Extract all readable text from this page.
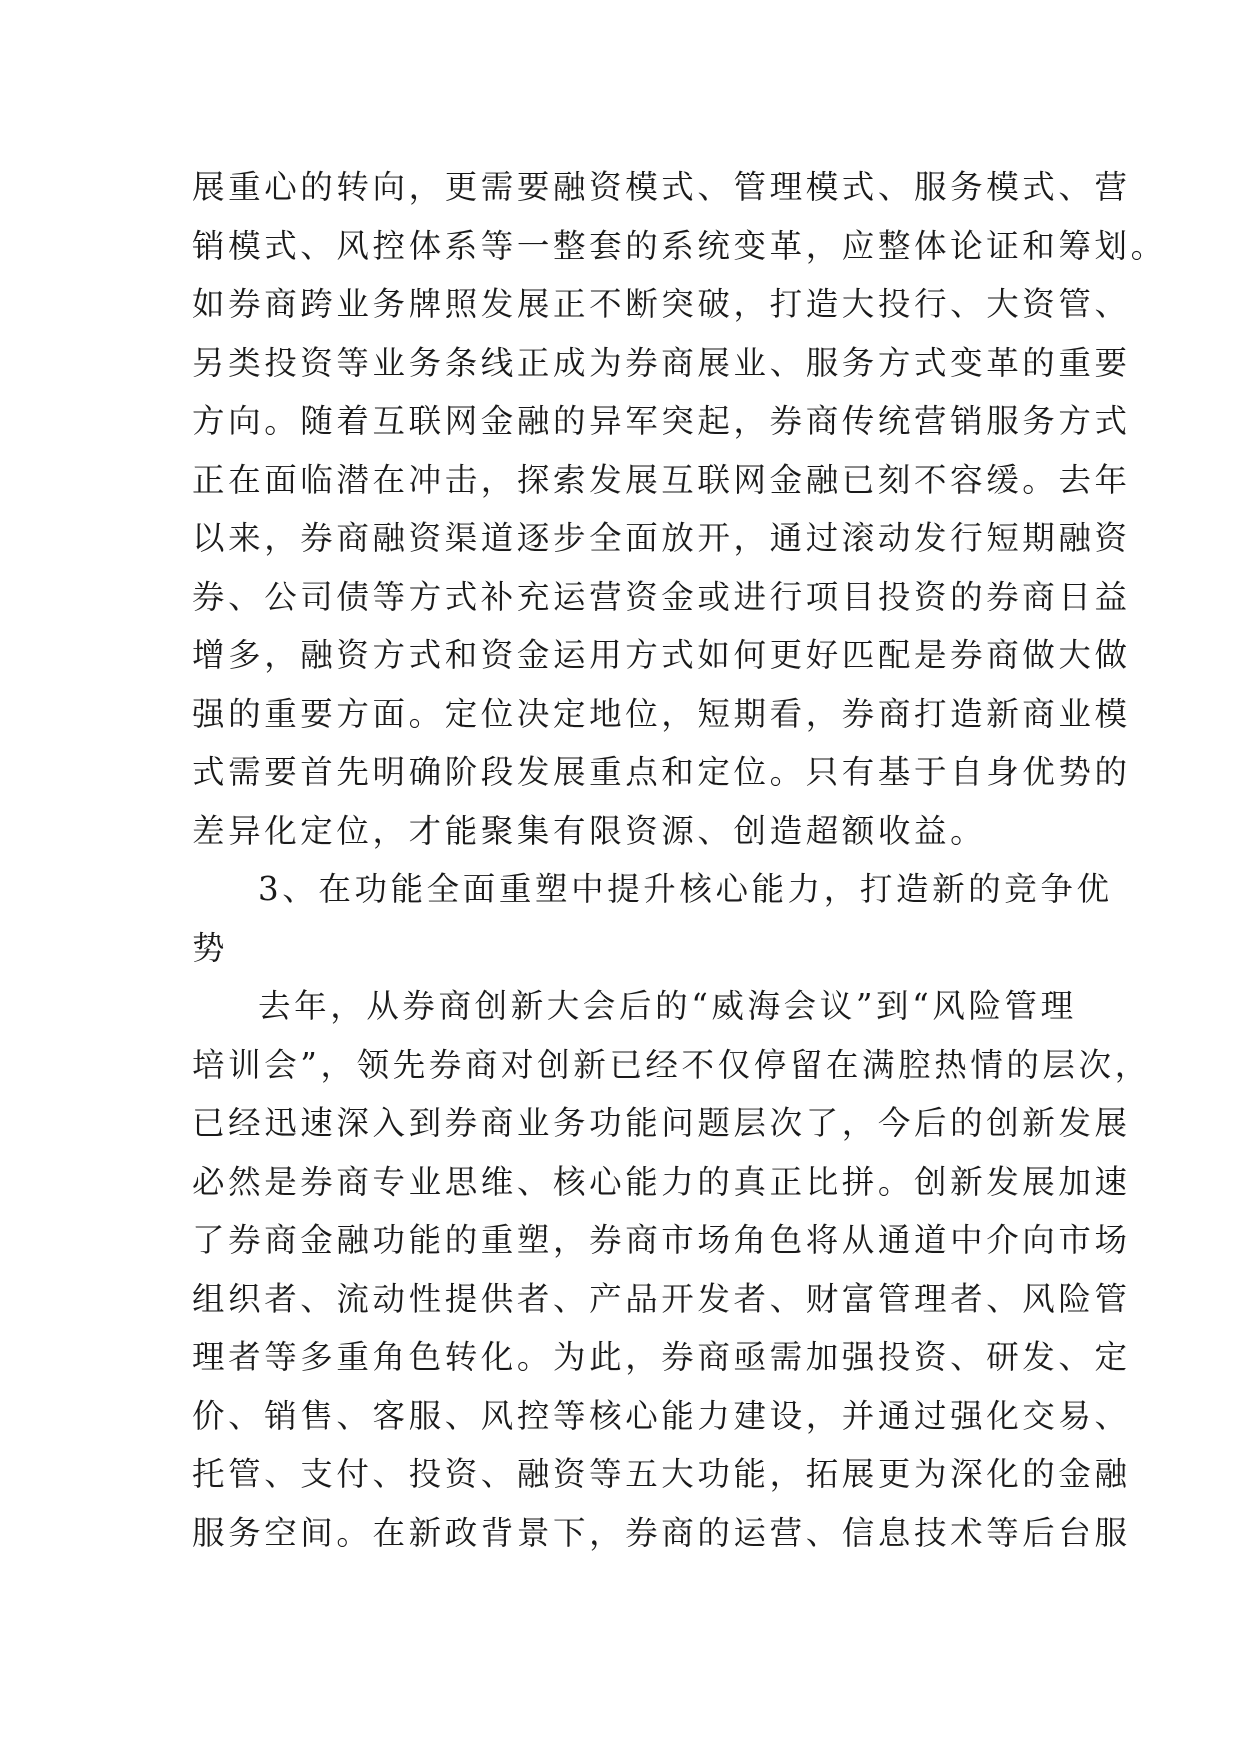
展重心的转向，更需要融资模式、管理模式、服务模式、营
销模式、风控体系等一整套的系统变革，应整体论证和筹划。
如券商跨业务牌照发展正不断突破，打造大投行、大资管、
另类投资等业务条线正成为券商展业、服务方式变革的重要
方向。随着互联网金融的异军突起，券商传统营销服务方式
正在面临潜在冲击，探索发展互联网金融已刻不容缓。去年
以来，券商融资渠道逐步全面放开，通过滚动发行短期融资
券、公司债等方式补充运营资金或进行项目投资的券商日益
增多，融资方式和资金运用方式如何更好匹配是券商做大做
强的重要方面。定位决定地位，短期看，券商打造新商业模
式需要首先明确阶段发展重点和定位。只有基于自身优势的
差异化定位，才能聚集有限资源、创造超额收益。
3、在功能全面重塑中提升核心能力，打造新的竞争优
势
去年，从券商创新大会后的“威海会议”到“风险管理
培训会”，领先券商对创新已经不仅停留在满腔热情的层次，
已经迅速深入到券商业务功能问题层次了，今后的创新发展
必然是券商专业思维、核心能力的真正比拼。创新发展加速
了券商金融功能的重塑，券商市场角色将从通道中介向市场
组织者、流动性提供者、产品开发者、财富管理者、风险管
理者等多重角色转化。为此，券商亟需加强投资、研发、定
价、销售、客服、风控等核心能力建设，并通过强化交易、
托管、支付、投资、融资等五大功能，拓展更为深化的金融
服务空间。在新政背景下，券商的运营、信息技术等后台服
